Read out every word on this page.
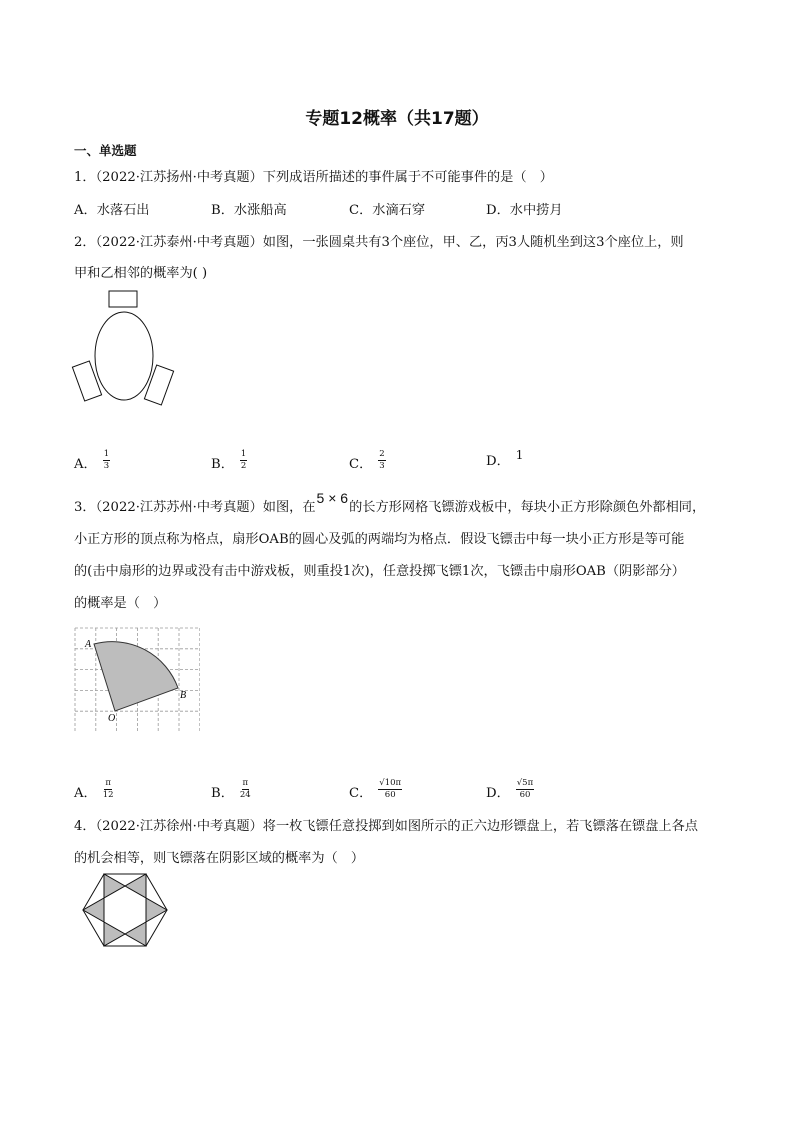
专题12概率（共17题）
一、单选题
1．（2022·江苏扬州·中考真题）下列成语所描述的事件属于不可能事件的是（　）
A．水落石出	B．水涨船高	C．水滴石穿	D．水中捞月
2．（2022·江苏泰州·中考真题）如图，一张圆桌共有3个座位，甲、乙，丙3人随机坐到这3个座位上，则
甲和乙相邻的概率为( )
A． $\frac{1}{3}$	B． $\frac{1}{2}$	C． $\frac{2}{3}$	D． 1
3．（2022·江苏苏州·中考真题）如图，在5 × 6的长方形网格飞镖游戏板中，每块小正方形除颜色外都相同，
小正方形的顶点称为格点，扇形OAB的圆心及弧的两端均为格点．假设飞镖击中每一块小正方形是等可能
的(击中扇形的边界或没有击中游戏板，则重投1次)，任意投掷飞镖1次，飞镖击中扇形OAB（阴影部分）
的概率是（　）
A
B
O
A． $\frac{\pi}{12}$	B． $\frac{\pi}{24}$	C． $\frac{√10\pi}{60}$	D． $\frac{√5\pi}{60}$
4．（2022·江苏徐州·中考真题）将一枚飞镖任意投掷到如图所示的正六边形镖盘上，若飞镖落在镖盘上各点
的机会相等，则飞镖落在阴影区域的概率为（　）
